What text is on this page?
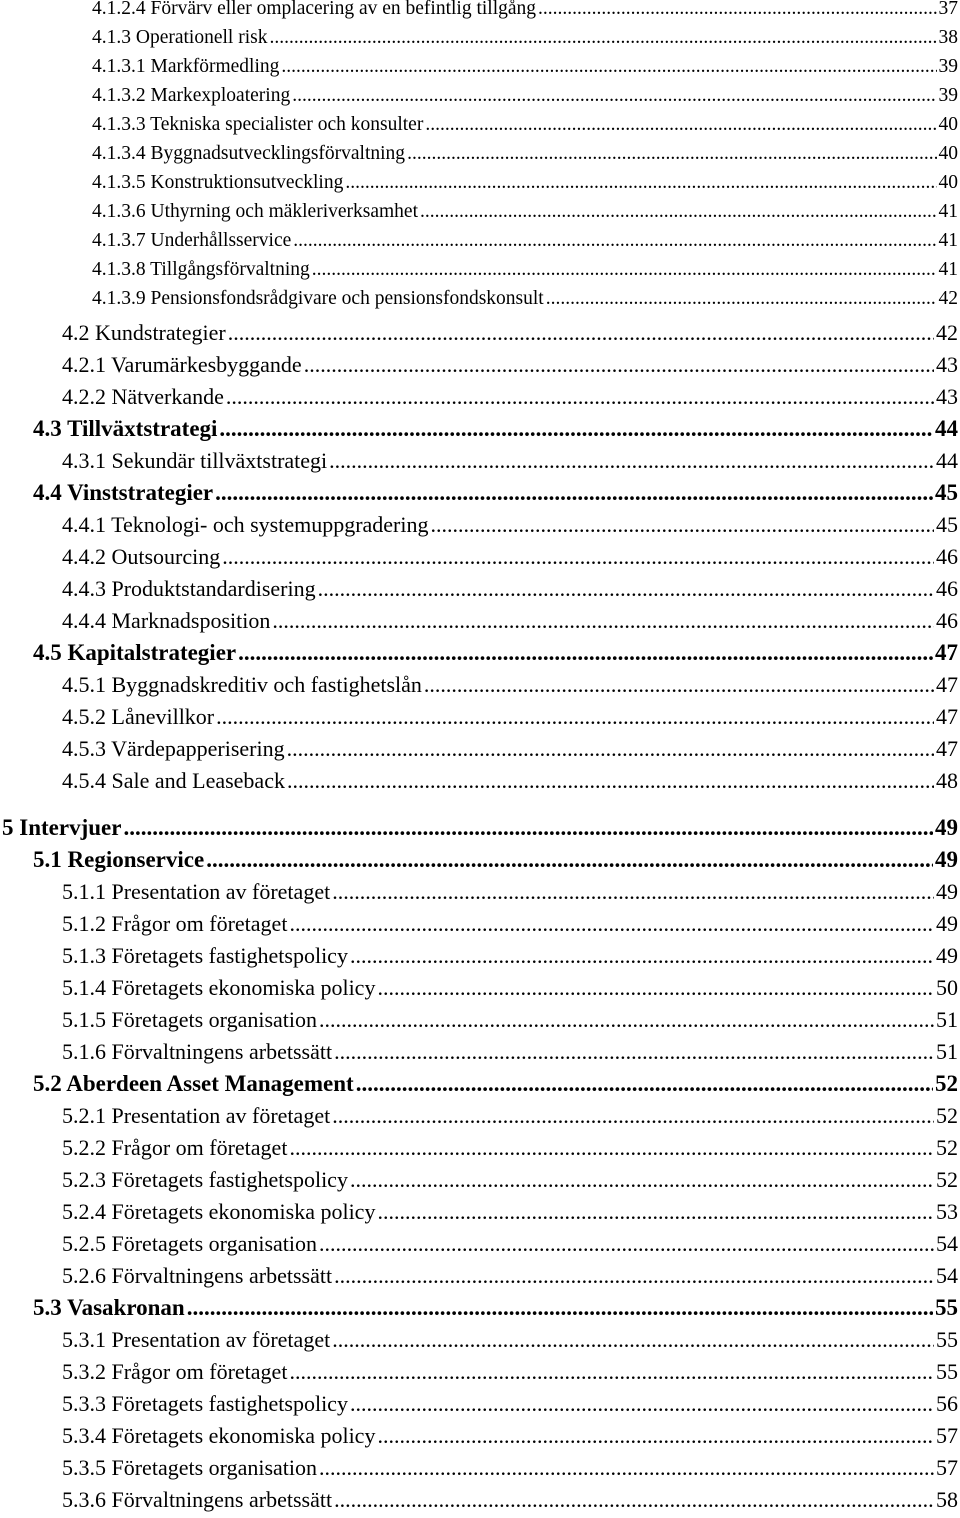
4.1.2.4 Förvärv eller omplacering av en befintlig tillgång .....	37
4.1.3 Operationell risk .....	38
4.1.3.1 Markförmedling .....	39
4.1.3.2 Markexploatering .....	39
4.1.3.3 Tekniska specialister och konsulter .....	40
4.1.3.4 Byggnadsutvecklingsförvaltning .....	40
4.1.3.5 Konstruktionsutveckling .....	40
4.1.3.6 Uthyrning och mäkleriverksamhet .....	41
4.1.3.7 Underhållsservice .....	41
4.1.3.8 Tillgångsförvaltning .....	41
4.1.3.9 Pensionsfondsrådgivare och pensionsfondskonsult .....	42
4.2 Kundstrategier .....	42
4.2.1 Varumärkesbyggande .....	43
4.2.2 Nätverkande .....	43
4.3 Tillväxtstrategi .....	44
4.3.1 Sekundär tillväxtstrategi .....	44
4.4 Vinststrategier .....	45
4.4.1 Teknologi- och systemuppgradering .....	45
4.4.2 Outsourcing .....	46
4.4.3 Produktstandardisering .....	46
4.4.4 Marknadsposition .....	46
4.5 Kapitalstrategier .....	47
4.5.1 Byggnadskreditiv och fastighetslån .....	47
4.5.2 Lånevillkor .....	47
4.5.3 Värdepapperisering .....	47
4.5.4 Sale and Leaseback .....	48
5 Intervjuer .....	49
5.1 Regionservice .....	49
5.1.1 Presentation av företaget .....	49
5.1.2 Frågor om företaget .....	49
5.1.3 Företagets fastighetspolicy .....	49
5.1.4 Företagets ekonomiska policy .....	50
5.1.5 Företagets organisation .....	51
5.1.6 Förvaltningens arbetssätt .....	51
5.2 Aberdeen Asset Management .....	52
5.2.1 Presentation av företaget .....	52
5.2.2 Frågor om företaget .....	52
5.2.3 Företagets fastighetspolicy .....	52
5.2.4 Företagets ekonomiska policy .....	53
5.2.5 Företagets organisation .....	54
5.2.6 Förvaltningens arbetssätt .....	54
5.3 Vasakronan .....	55
5.3.1 Presentation av företaget .....	55
5.3.2 Frågor om företaget .....	55
5.3.3 Företagets fastighetspolicy .....	56
5.3.4 Företagets ekonomiska policy .....	57
5.3.5 Företagets organisation .....	57
5.3.6 Förvaltningens arbetssätt .....	58
